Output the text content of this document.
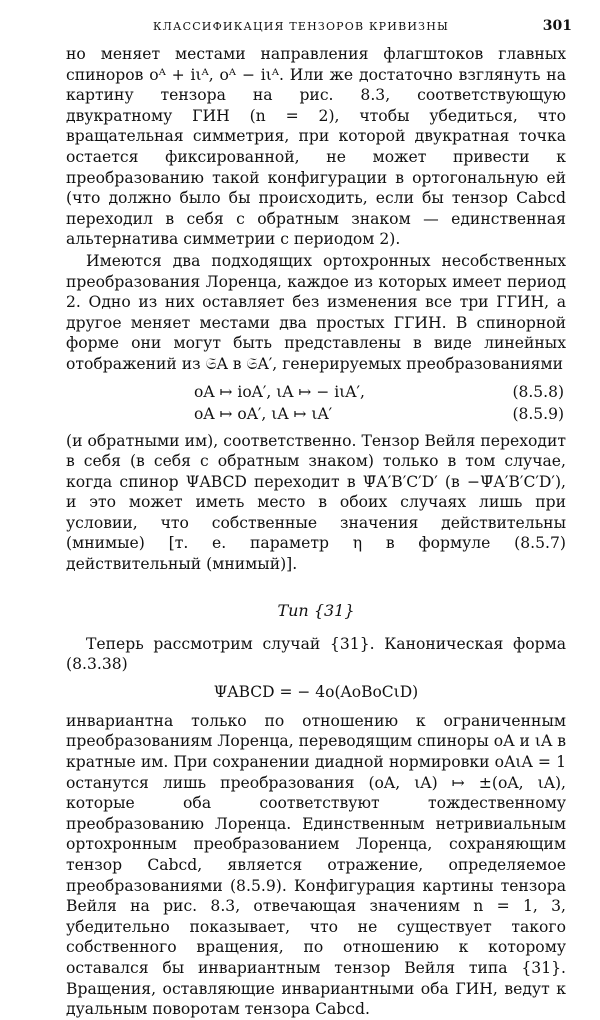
КЛАССИФИКАЦИЯ ТЕНЗОРОВ КРИВИЗНЫ	301

но меняет местами направления флагштоков главных спиноров oᴬ + iιᴬ, oᴬ − iιᴬ. Или же достаточно взглянуть на картину тензора на рис. 8.3, соответствующую двукратному ГИН (n = 2), чтобы убедиться, что вращательная симметрия, при которой двукратная точка остается фиксированной, не может привести к преобразованию такой конфигурации в ортогональную ей (что должно было бы происходить, если бы тензор Cabcd переходил в себя с обратным знаком — единственная альтернатива симметрии с периодом 2).

Имеются два подходящих ортохронных несобственных преобразования Лоренца, каждое из которых имеет период 2. Одно из них оставляет без изменения все три ГГИН, а другое меняет местами два простых ГГИН. В спинорной форме они могут быть представлены в виде линейных отображений из 𝔖A в 𝔖A′, генерируемых преобразованиями

oA ↦ ioA′, ιA ↦ − iιA′,	(8.5.8)
oA ↦ oA′, ιA ↦ ιA′	(8.5.9)

(и обратными им), соответственно. Тензор Вейля переходит в себя (в себя с обратным знаком) только в том случае, когда спинор ΨABCD переходит в Ψ̄A′B′C′D′ (в −Ψ̄A′B′C′D′), и это может иметь место в обоих случаях лишь при условии, что собственные значения действительны (мнимые) [т. е. параметр η в формуле (8.5.7) действительный (мнимый)].

Тип {31}

Теперь рассмотрим случай {31}. Каноническая форма (8.3.38)

ΨABCD = − 4o(AoBoCιD)

инвариантна только по отношению к ограниченным преобразованиям Лоренца, переводящим спиноры oA и ιA в кратные им. При сохранении диадной нормировки oAιA = 1 останутся лишь преобразования (oA, ιA) ↦ ±(oA, ιA), которые оба соответствуют тождественному преобразованию Лоренца. Единственным нетривиальным ортохронным преобразованием Лоренца, сохраняющим тензор Cabcd, является отражение, определяемое преобразованиями (8.5.9). Конфигурация картины тензора Вейля на рис. 8.3, отвечающая значениям n = 1, 3, убедительно показывает, что не существует такого собственного вращения, по отношению к которому оставался бы инвариантным тензор Вейля типа {31}. Вращения, оставляющие инвариантными оба ГИН, ведут к дуальным поворотам тензора Cabcd.
